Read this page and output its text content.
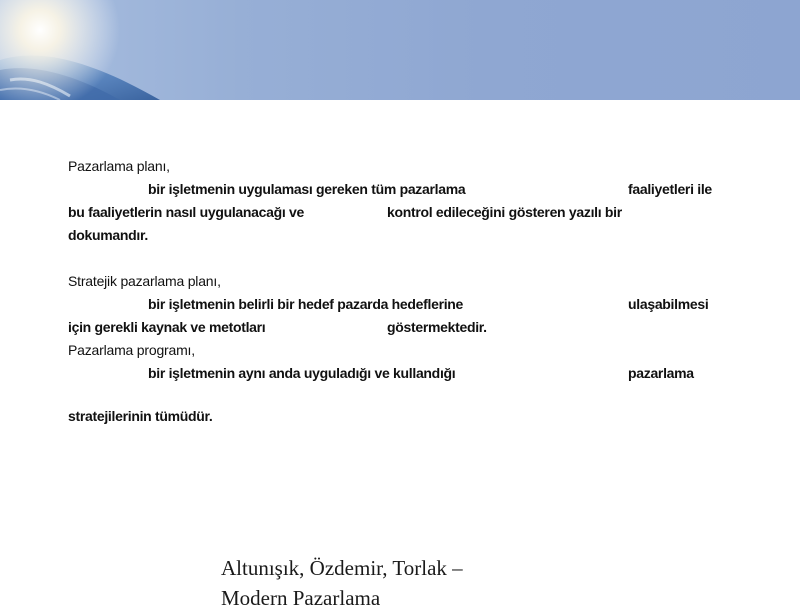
Pazarlama planı,
bir işletmenin uygulaması gereken tüm pazarlama	faaliyetleri ile
bu faaliyetlerin nasıl uygulanacağı ve	kontrol edileceğini gösteren yazılı bir
dokumandır.
Stratejik pazarlama planı,
bir işletmenin belirli bir hedef pazarda hedeflerine	ulaşabilmesi
için gerekli kaynak ve metotları	göstermektedir.
Pazarlama programı,
bir işletmenin aynı anda uyguladığı ve kullandığı	pazarlama
stratejilerinin tümüdür.
Altunışık, Özdemir, Torlak –
Modern Pazarlama
